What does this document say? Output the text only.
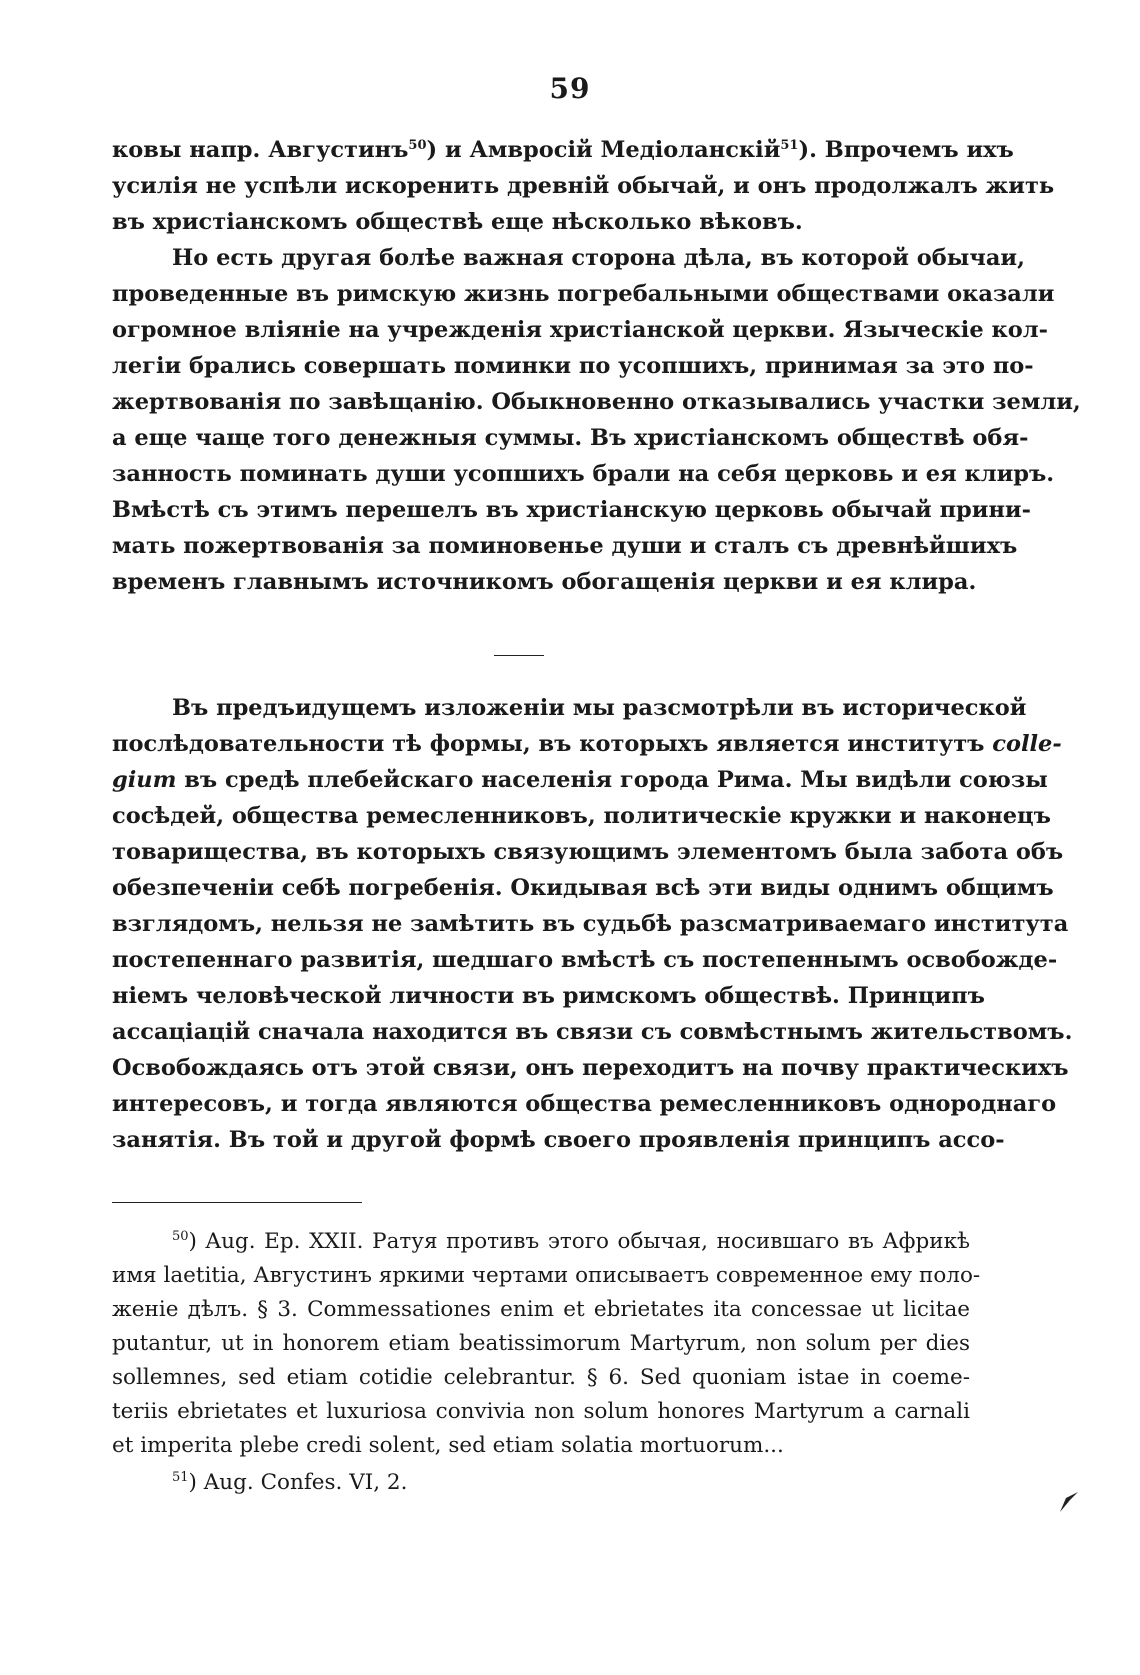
59

ковы напр. Августинъ$^{50}$) и Амвросій Медіоланскій$^{51}$). Впрочемъ ихъ

усилія не успѣли искоренить древній обычай, и онъ продолжалъ жить

въ христіанскомъ обществѣ еще нѣсколько вѣковъ.

Но есть другая болѣе важная сторона дѣла, въ которой обычаи,

проведенные въ римскую жизнь погребальными обществами оказали

огромное вліяніе на учрежденія христіанской церкви. Языческіе кол-

легіи брались совершать поминки по усопшихъ, принимая за это по-

жертвованія по завѣщанію. Обыкновенно отказывались участки земли,

а еще чаще того денежныя суммы. Въ христіанскомъ обществѣ обя-

занность поминать души усопшихъ брали на себя церковь и ея клиръ.

Вмѣстѣ съ этимъ перешелъ въ христіанскую церковь обычай прини-

мать пожертвованія за поминовенье души и сталъ съ древнѣйшихъ

временъ главнымъ источникомъ обогащенія церкви и ея клира.

Въ предъидущемъ изложеніи мы разсмотрѣли въ исторической

послѣдовательности тѣ формы, въ которыхъ является институтъ colle-

gium въ средѣ плебейскаго населенія города Рима. Мы видѣли союзы

сосѣдей, общества ремесленниковъ, политическіе кружки и наконецъ

товарищества, въ которыхъ связующимъ элементомъ была забота объ

обезпеченіи себѣ погребенія. Окидывая всѣ эти виды однимъ общимъ

взглядомъ, нельзя не замѣтить въ судьбѣ разсматриваемаго института

постепеннаго развитія, шедшаго вмѣстѣ съ постепеннымъ освобожде-

ніемъ человѣческой личности въ римскомъ обществѣ. Принципъ

ассаціацій сначала находится въ связи съ совмѣстнымъ жительствомъ.

Освобождаясь отъ этой связи, онъ переходитъ на почву практическихъ

интересовъ, и тогда являются общества ремесленниковъ однороднаго

занятія. Въ той и другой формѣ своего проявленія принципъ ассо-

$^{50}$) Aug. Ep. XXII. Ратуя противъ этого обычая, носившаго въ Африкѣ

имя laetitia, Августинъ яркими чертами описываетъ современное ему поло-

женіе дѣлъ. § 3. Commessationes enim et ebrietates ita concessae ut licitae

putantur, ut in honorem etiam beatissimorum Martyrum, non solum per dies

sollemnes, sed etiam cotidie celebrantur. § 6. Sed quoniam istae in coeme-

teriis ebrietates et luxuriosa convivia non solum honores Martyrum a carnali

et imperita plebe credi solent, sed etiam solatia mortuorum...

$^{51}$) Aug. Confes. VI, 2.
